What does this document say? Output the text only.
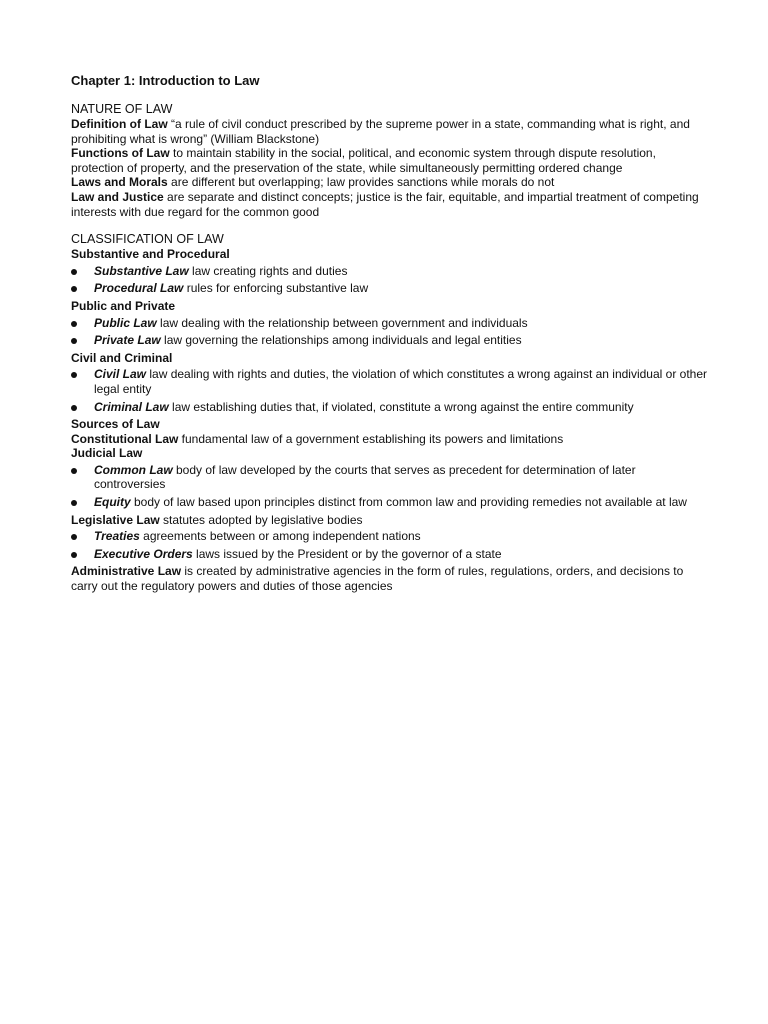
Chapter 1: Introduction to Law
NATURE OF LAW

Definition of Law “a rule of civil conduct prescribed by the supreme power in a state, commanding what is right, and prohibiting what is wrong” (William Blackstone)

Functions of Law to maintain stability in the social, political, and economic system through dispute resolution, protection of property, and the preservation of the state, while simultaneously permitting ordered change

Laws and Morals are different but overlapping; law provides sanctions while morals do not

Law and Justice are separate and distinct concepts; justice is the fair, equitable, and impartial treatment of competing interests with due regard for the common good

CLASSIFICATION OF LAW

Substantive and Procedural

Substantive Law law creating rights and duties
Procedural Law rules for enforcing substantive law

Public and Private

Public Law law dealing with the relationship between government and individuals
Private Law law governing the relationships among individuals and legal entities

Civil and Criminal

Civil Law law dealing with rights and duties, the violation of which constitutes a wrong against an individual or other legal entity
Criminal Law law establishing duties that, if violated, constitute a wrong against the entire community

Sources of Law

Constitutional Law fundamental law of a government establishing its powers and limitations

Judicial Law

Common Law body of law developed by the courts that serves as precedent for determination of later controversies
Equity body of law based upon principles distinct from common law and providing remedies not available at law

Legislative Law statutes adopted by legislative bodies

Treaties agreements between or among independent nations
Executive Orders laws issued by the President or by the governor of a state

Administrative Law is created by administrative agencies in the form of rules, regulations, orders, and decisions to carry out the regulatory powers and duties of those agencies
